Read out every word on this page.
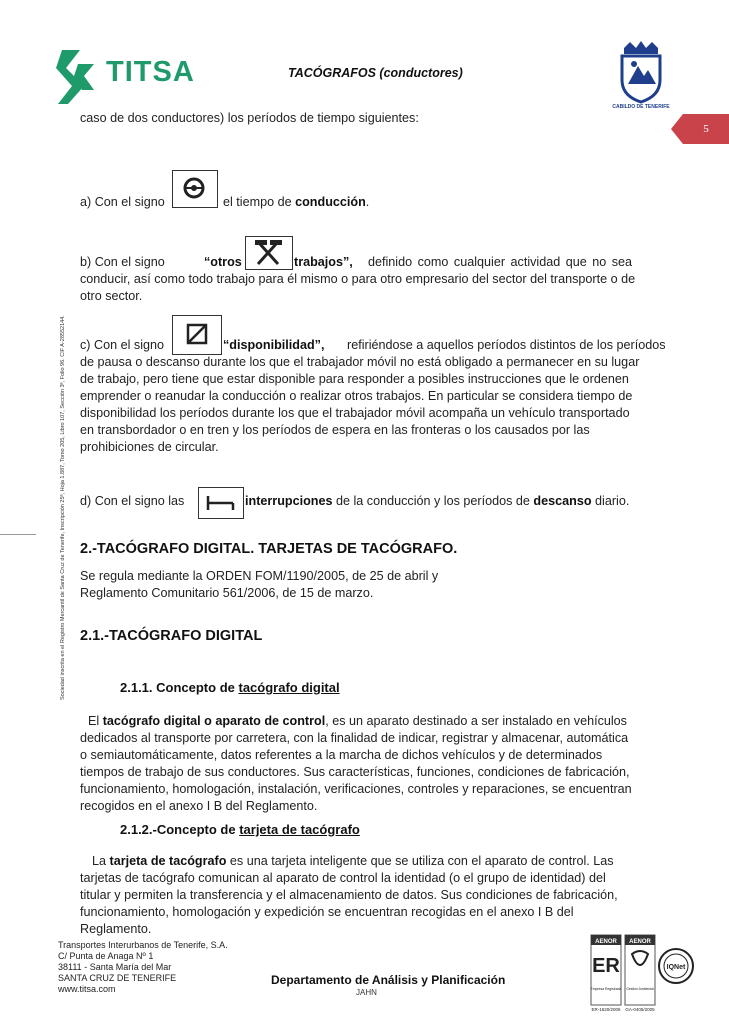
TITSA	TACÓGRAFOS (conductores)
CABILDO DE TENERIFE
5
Sociedad inscrita en el Registro Mercantil de Santa Cruz de Tenerife, Inscripción 25ª, Hoja 1.887, Tomo 205, Libro 107, Sección 3ª, Folio 96. CIF A-28552144.
caso de dos conductores) los períodos de tiempo siguientes:
a) Con el signo	el tiempo de conducción.
b) Con el signo	“otros	trabajos”, definido como cualquier actividad que no sea
conducir, así como todo trabajo para él mismo o para otro empresario del sector del transporte o de
otro sector.
c) Con el signo	“disponibilidad”, refiriéndose a aquellos períodos distintos de los períodos
de pausa o descanso durante los que el trabajador móvil no está obligado a permanecer en su lugar
de trabajo, pero tiene que estar disponible para responder a posibles instrucciones que le ordenen
emprender o reanudar la conducción o realizar otros trabajos. En particular se considera tiempo de
disponibilidad los períodos durante los que el trabajador móvil acompaña un vehículo transportado
en transbordador o en tren y los períodos de espera en las fronteras o los causados por las
prohibiciones de circular.
d) Con el signo las	interrupciones de la conducción y los períodos de descanso diario.
2.-TACÓGRAFO DIGITAL. TARJETAS DE TACÓGRAFO.
Se regula mediante la ORDEN FOM/1190/2005, de 25 de abril y
Reglamento Comunitario 561/2006, de 15 de marzo.
2.1.-TACÓGRAFO DIGITAL
2.1.1. Concepto de tacógrafo digital
El tacógrafo digital o aparato de control, es un aparato destinado a ser instalado en vehículos
dedicados al transporte por carretera, con la finalidad de indicar, registrar y almacenar, automática
o semiautomáticamente, datos referentes a la marcha de dichos vehículos y de determinados
tiempos de trabajo de sus conductores. Sus características, funciones, condiciones de fabricación,
funcionamiento, homologación, instalación, verificaciones, controles y reparaciones, se encuentran
recogidos en el anexo I B del Reglamento.
2.1.2.-Concepto de tarjeta de tacógrafo
La tarjeta de tacógrafo es una tarjeta inteligente que se utiliza con el aparato de control. Las
tarjetas de tacógrafo comunican al aparato de control la identidad (o el grupo de identidad) del
titular y permiten la transferencia y el almacenamiento de datos. Sus condiciones de fabricación,
funcionamiento, homologación y expedición se encuentran recogidas en el anexo I B del
Reglamento.
Transportes Interurbanos de Tenerife, S.A.
C/ Punta de Anaga Nº 1
38111 - Santa María del Mar
SANTA CRUZ DE TENERIFE
www.titsa.com
Departamento de Análisis y Planificación
JAHN
AENOR
ER
Empresa Registrada
ER-1620/2006
AENOR
Gestión Ambiental
GA-0405/2005
IQNet
